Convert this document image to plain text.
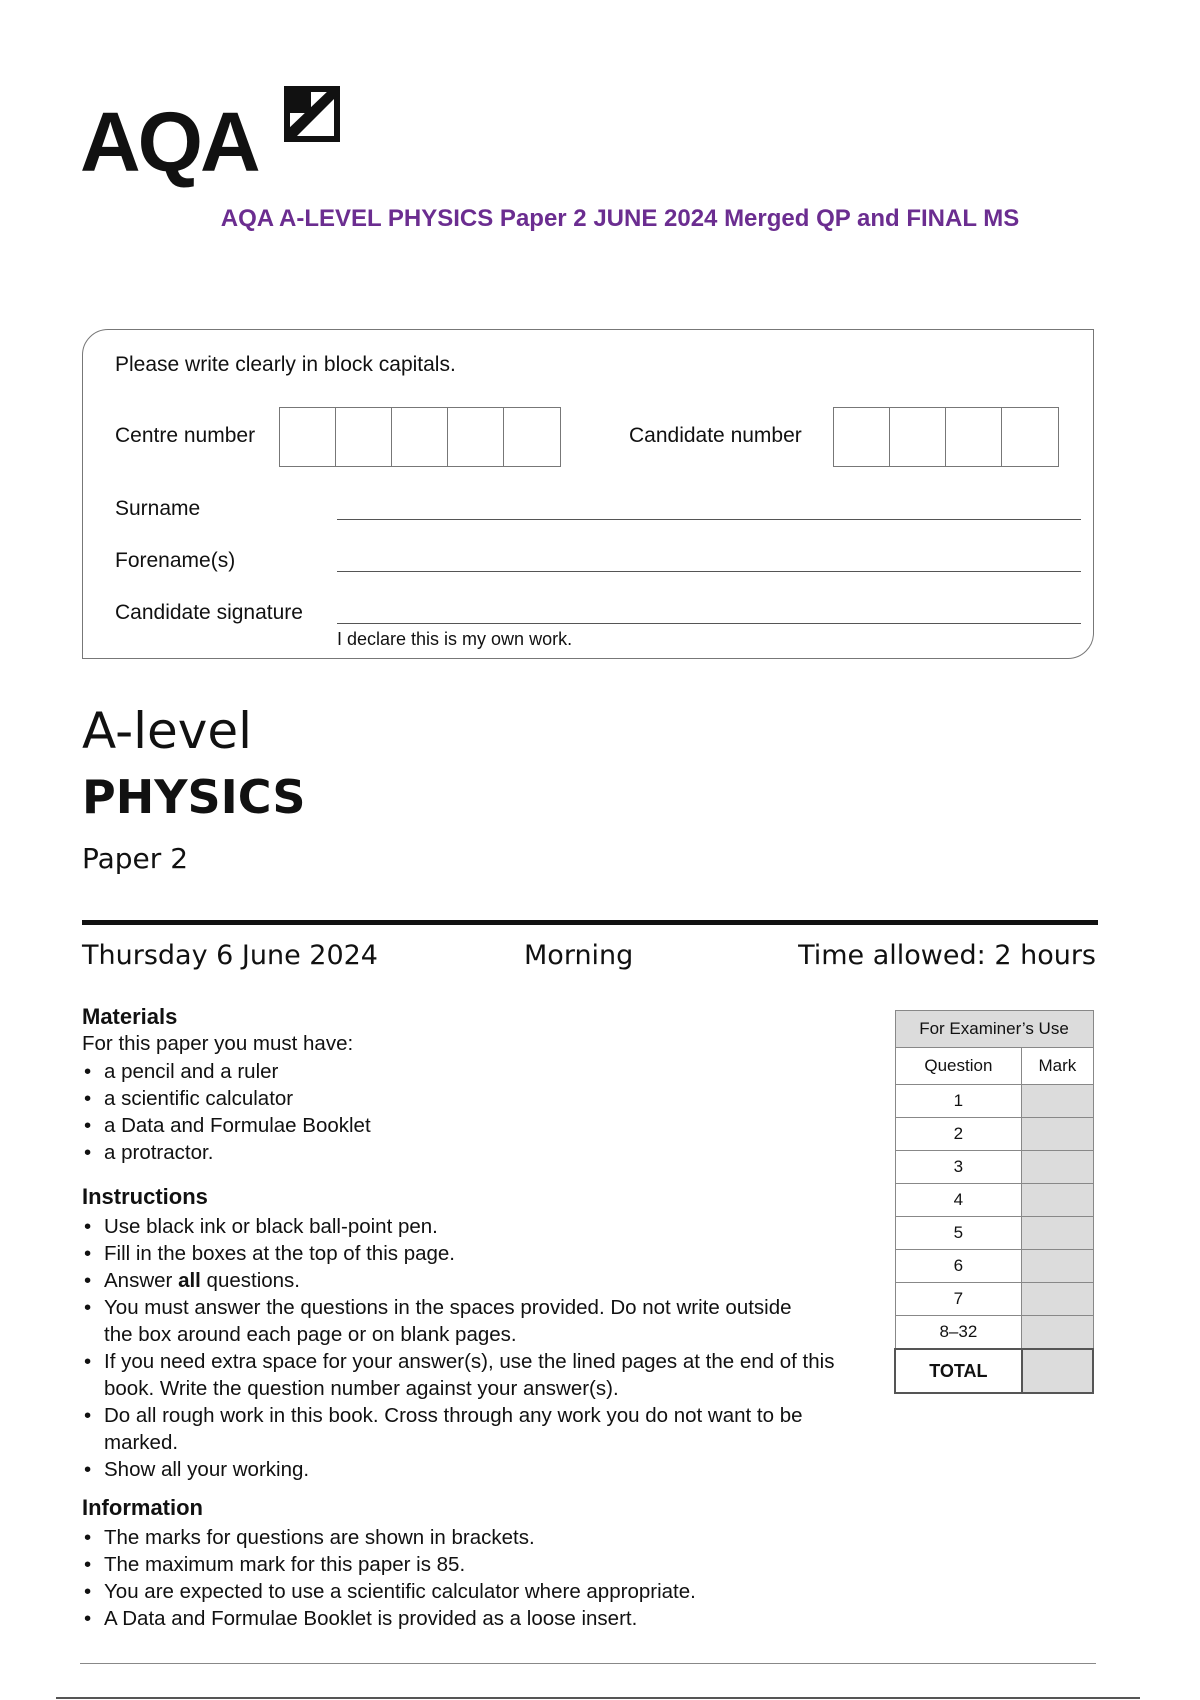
AQA
AQA A-LEVEL PHYSICS Paper 2 JUNE 2024 Merged QP and FINAL MS
Please write clearly in block capitals.
Centre number	Candidate number
Surname
Forename(s)
Candidate signature
I declare this is my own work.
A-level
PHYSICS
Paper 2
Thursday 6 June 2024	Morning	Time allowed: 2 hours
Materials
For this paper you must have:
• a pencil and a ruler
• a scientific calculator
• a Data and Formulae Booklet
• a protractor.
Instructions
• Use black ink or black ball-point pen.
• Fill in the boxes at the top of this page.
• Answer all questions.
• You must answer the questions in the spaces provided. Do not write outside the box around each page or on blank pages.
• If you need extra space for your answer(s), use the lined pages at the end of this book. Write the question number against your answer(s).
• Do all rough work in this book. Cross through any work you do not want to be marked.
• Show all your working.
Information
• The marks for questions are shown in brackets.
• The maximum mark for this paper is 85.
• You are expected to use a scientific calculator where appropriate.
• A Data and Formulae Booklet is provided as a loose insert.
For Examiner’s Use	
Question	Mark
1	
2	
3	
4	
5	
6	
7	
8–32	
TOTAL	
